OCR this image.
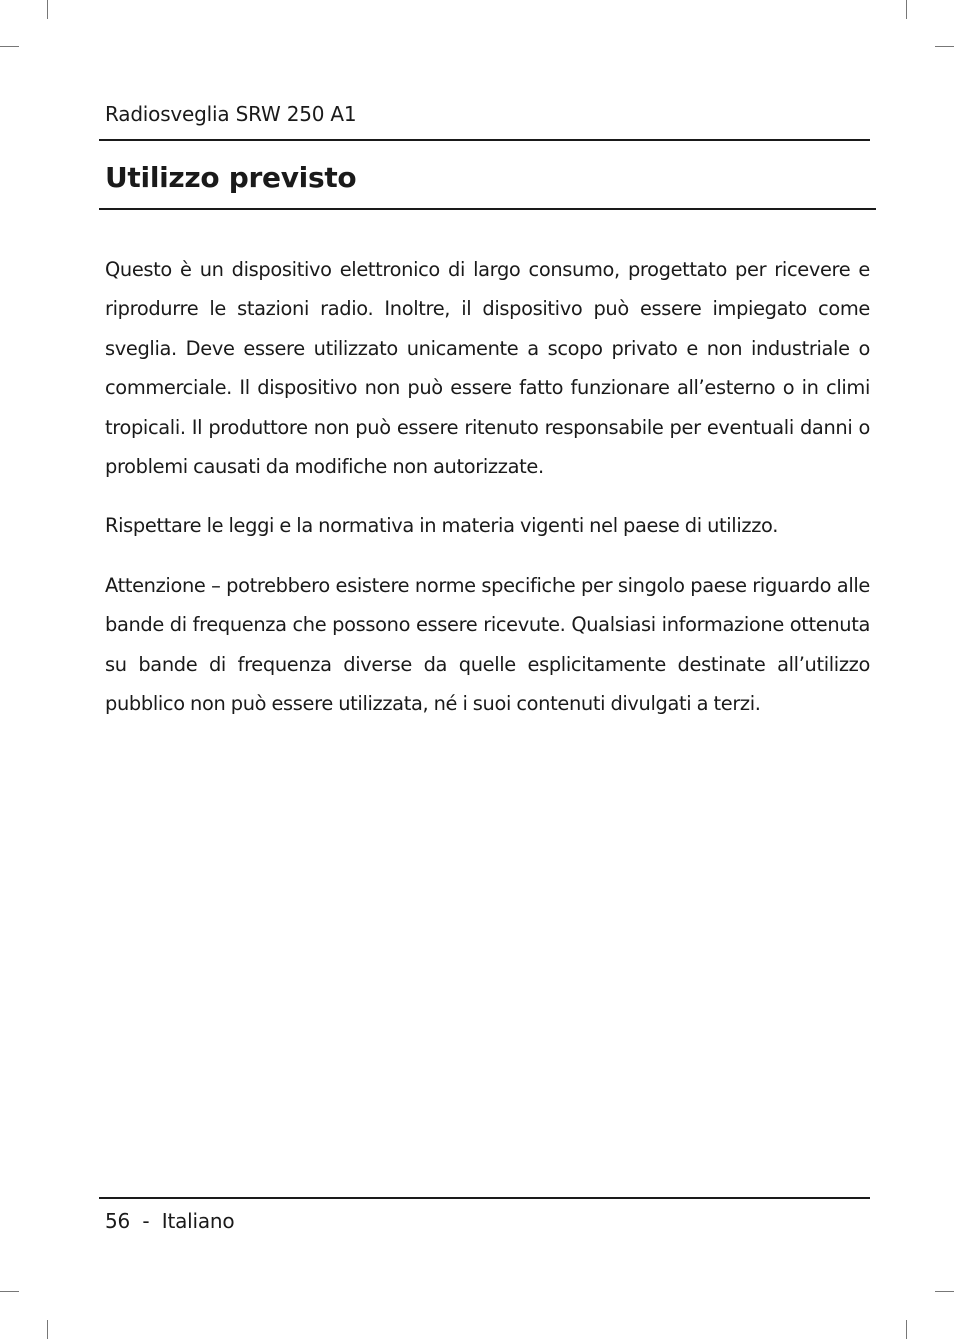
Radiosveglia SRW 250 A1
Utilizzo previsto

Questo è un dispositivo elettronico di largo consumo, progettato per ricevere e riprodurre le stazioni radio. Inoltre, il dispositivo può essere impiegato come sveglia. Deve essere utilizzato unicamente a scopo privato e non industriale o commerciale. Il dispositivo non può essere fatto funzionare all’esterno o in climi tropicali. Il produttore non può essere ritenuto responsabile per eventuali danni o problemi causati da modifiche non autorizzate.

Rispettare le leggi e la normativa in materia vigenti nel paese di utilizzo.

Attenzione – potrebbero esistere norme specifiche per singolo paese riguardo alle bande di frequenza che possono essere ricevute. Qualsiasi informazione ottenuta su bande di frequenza diverse da quelle esplicitamente destinate all’utilizzo pubblico non può essere utilizzata, né i suoi contenuti divulgati a terzi.

56 - Italiano
